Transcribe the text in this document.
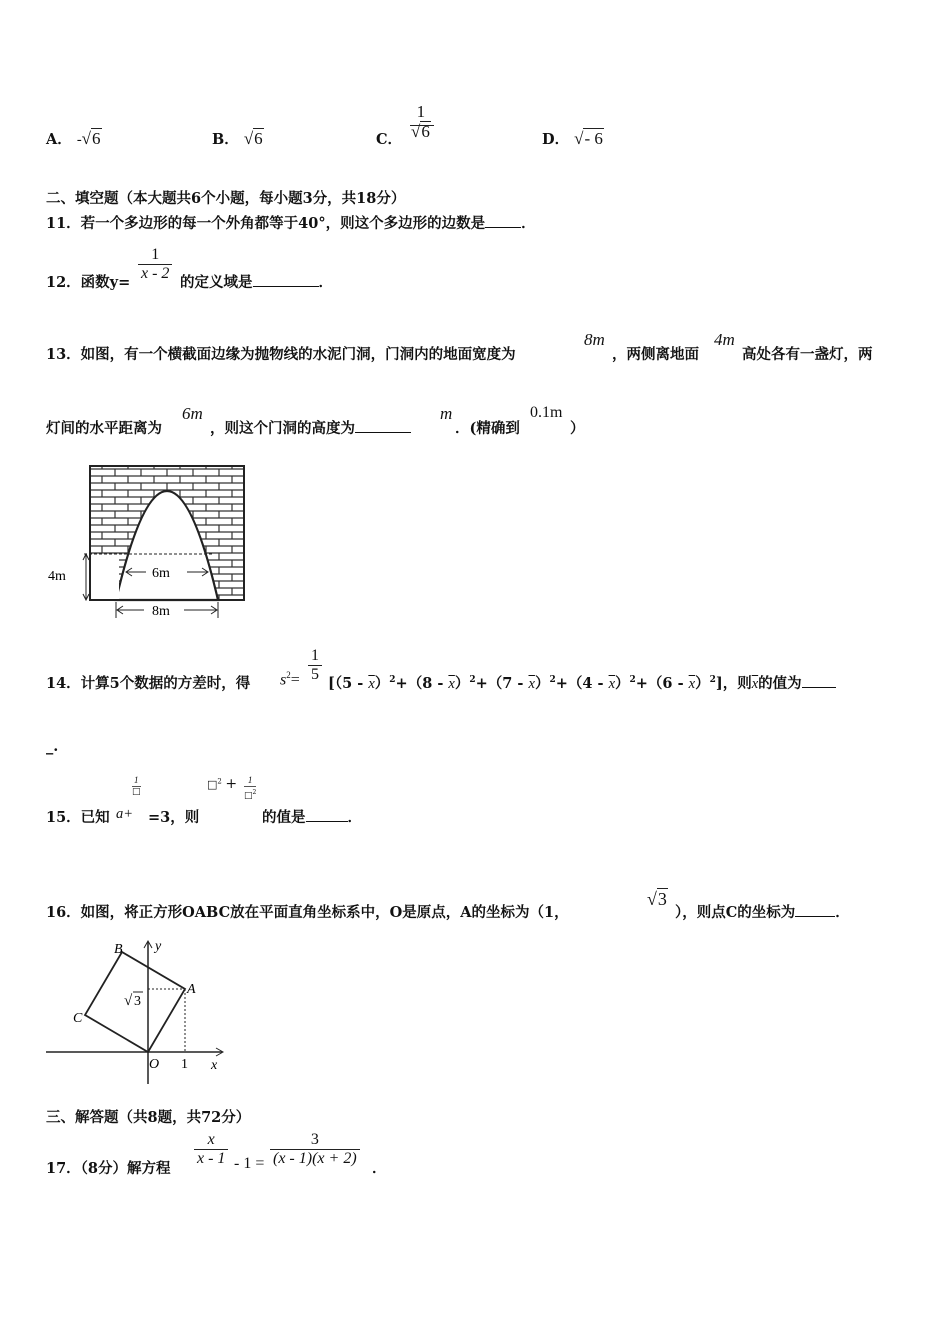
A． -√6	B． √6	C．
1
√6	D． √- 6
二、填空题（本大题共6个小题，每小题3分，共18分）
11．若一个多边形的每一个外角都等于40°，则这个多边形的边数是 ．
12．函数$y= \frac{1}{x - 2}$ 的定义域是	．
13．如图，有一个横截面边缘为抛物线的水泥门洞，门洞内的地面宽度为
8m
，两侧离地面
4m
高处各有一盏灯，两
灯间的水平距离为
6m
，则这个门洞的高度为
m
．(精确到
0.1m
）
4m	6m
8m
14．计算5个数据的方差时，得 $s^2= \frac{1}{5} [(5 - \overline{x})^2+(8 - \overline{x})^2+(7 - \overline{x})^2+(4 - \overline{x})^2+(6 - \overline{x})^2]$，则$\overline{x}$的值为
_.
15．已知 a+
1
□
=3，则
□$^2$ +	1
□$^2$
的值是	．
16．如图，将正方形OABC放在平面直角坐标系中，O是原点，A的坐标为（1，
√3
），则点C的坐标为	．
B y
A
C
O 1 x
√ 3
三、解答题（共8题，共72分）
17．（8分）解方程
$\frac{x}{x - 1} - 1 = \frac{3}{(x - 1)(x + 2)}$
．
